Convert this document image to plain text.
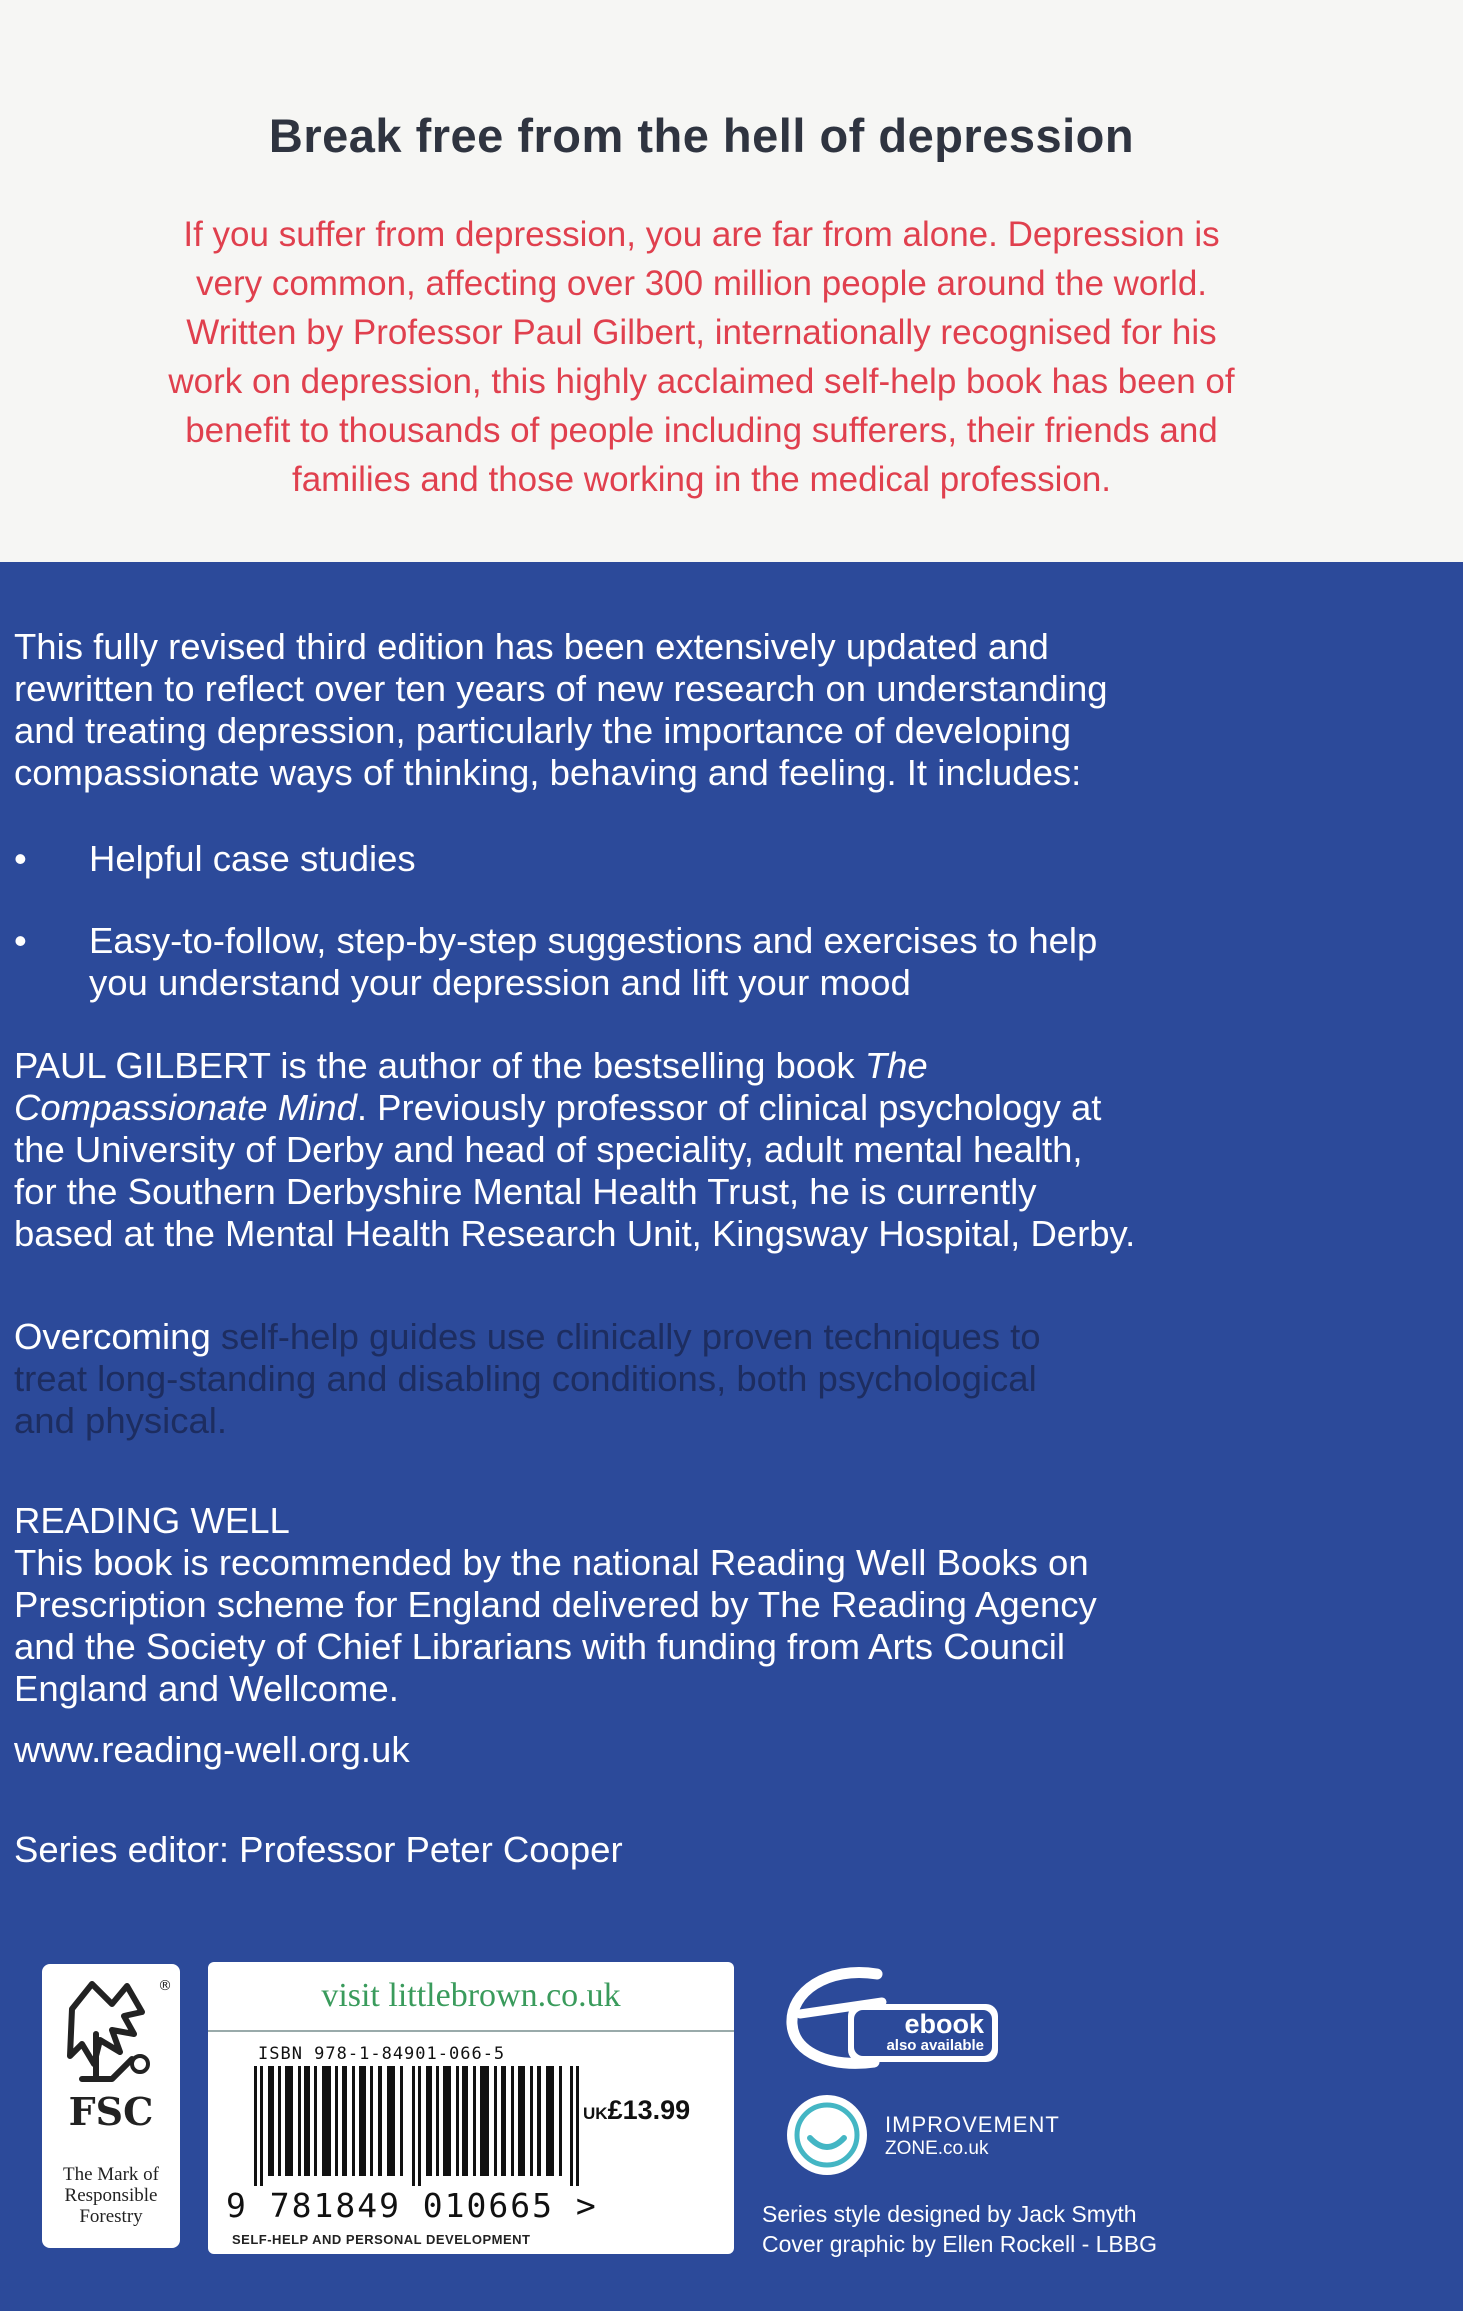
Break free from the hell of depression
If you suffer from depression, you are far from alone. Depression is
very common, affecting over 300 million people around the world.
Written by Professor Paul Gilbert, internationally recognised for his
work on depression, this highly acclaimed self-help book has been of
benefit to thousands of people including sufferers, their friends and
families and those working in the medical profession.
This fully revised third edition has been extensively updated and
rewritten to reflect over ten years of new research on understanding
and treating depression, particularly the importance of developing
compassionate ways of thinking, behaving and feeling. It includes:
• Helpful case studies
• Easy-to-follow, step-by-step suggestions and exercises to help
you understand your depression and lift your mood
PAUL GILBERT is the author of the bestselling book The
Compassionate Mind. Previously professor of clinical psychology at
the University of Derby and head of speciality, adult mental health,
for the Southern Derbyshire Mental Health Trust, he is currently
based at the Mental Health Research Unit, Kingsway Hospital, Derby.
Overcoming self-help guides use clinically proven techniques to
treat long-standing and disabling conditions, both psychological
and physical.
READING WELL
This book is recommended by the national Reading Well Books on
Prescription scheme for England delivered by The Reading Agency
and the Society of Chief Librarians with funding from Arts Council
England and Wellcome.
www.reading-well.org.uk
Series editor: Professor Peter Cooper
®
FSC
The Mark of
Responsible
Forestry
visit littlebrown.co.uk
ISBN 978-1-84901-066-5
UK£13.99
9 781849 010665 >
SELF-HELP AND PERSONAL DEVELOPMENT
ebook
also available
IMPROVEMENT
ZONE.co.uk
Series style designed by Jack Smyth
Cover graphic by Ellen Rockell - LBBG
